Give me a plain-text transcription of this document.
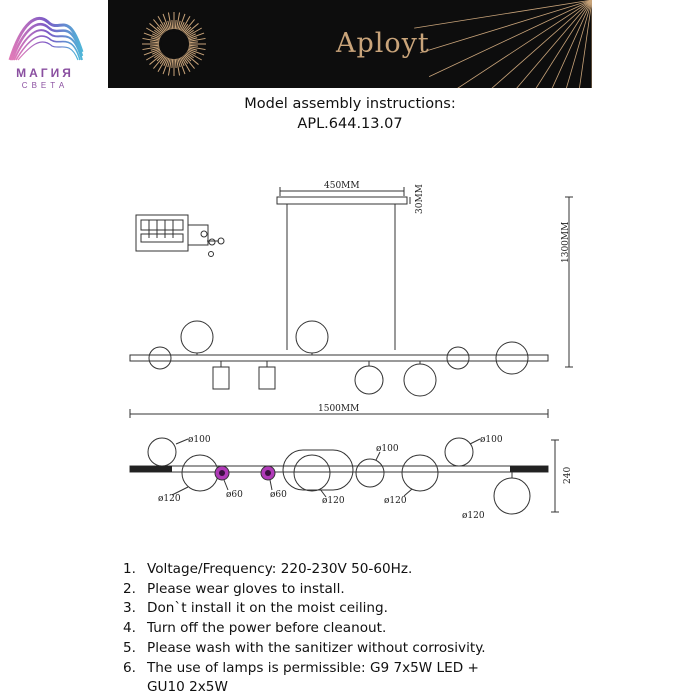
МАГИЯ
СВЕТА
Aployt
Model assembly instructions:
APL.644.13.07
450MM	30MM
1300MM
1500MM
240
ø100
ø120	ø60	ø60
ø120
ø100
ø120
ø100
ø120
1. Voltage/Frequency: 220-230V 50-60Hz.
2. Please wear gloves to install.
3. Don`t install it on the moist ceiling.
4. Turn off the power before cleanout.
5. Please wash with the sanitizer without corrosivity.
6. The use of lamps is permissible: G9 7x5W LED +
GU10 2x5W
